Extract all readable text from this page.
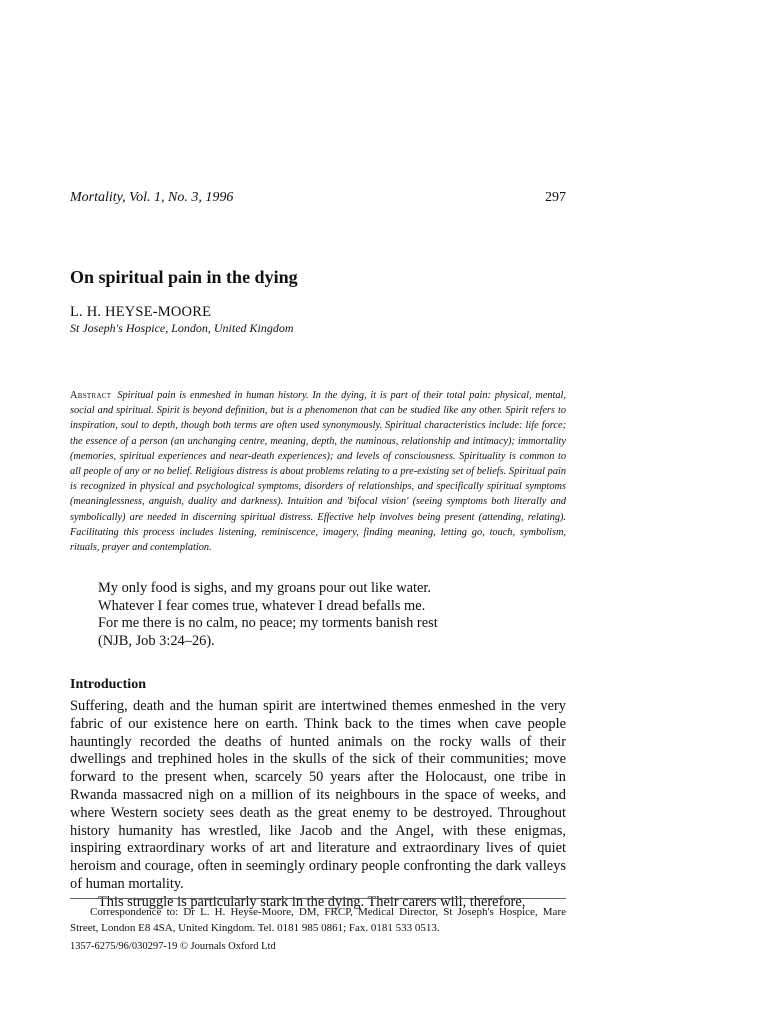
Mortality, Vol. 1, No. 3, 1996	297
On spiritual pain in the dying
L. H. HEYSE-MOORE
St Joseph's Hospice, London, United Kingdom

Abstract Spiritual pain is enmeshed in human history. In the dying, it is part of their total pain: physical, mental, social and spiritual. Spirit is beyond definition, but is a phenomenon that can be studied like any other. Spirit refers to inspiration, soul to depth, though both terms are often used synonymously. Spiritual characteristics include: life force; the essence of a person (an unchanging centre, meaning, depth, the numinous, relationship and intimacy); immortality (memories, spiritual experiences and near-death experiences); and levels of consciousness. Spirituality is common to all people of any or no belief. Religious distress is about problems relating to a pre-existing set of beliefs. Spiritual pain is recognized in physical and psychological symptoms, disorders of relationships, and specifically spiritual symptoms (meaninglessness, anguish, duality and darkness). Intuition and 'bifocal vision' (seeing symptoms both literally and symbolically) are needed in discerning spiritual distress. Effective help involves being present (attending, relating). Facilitating this process includes listening, reminiscence, imagery, finding meaning, letting go, touch, symbolism, rituals, prayer and contemplation.

My only food is sighs, and my groans pour out like water.
Whatever I fear comes true, whatever I dread befalls me.
For me there is no calm, no peace; my torments banish rest
(NJB, Job 3:24–26).
Introduction

Suffering, death and the human spirit are intertwined themes enmeshed in the very fabric of our existence here on earth. Think back to the times when cave people hauntingly recorded the deaths of hunted animals on the rocky walls of their dwellings and trephined holes in the skulls of the sick of their communities; move forward to the present when, scarcely 50 years after the Holocaust, one tribe in Rwanda massacred nigh on a million of its neighbours in the space of weeks, and where Western society sees death as the great enemy to be destroyed. Throughout history humanity has wrestled, like Jacob and the Angel, with these enigmas, inspiring extraordinary works of art and literature and extraordinary lives of quiet heroism and courage, often in seemingly ordinary people confronting the dark valleys of human mortality.

This struggle is particularly stark in the dying. Their carers will, therefore,

Correspondence to: Dr L. H. Heyse-Moore, DM, FRCP, Medical Director, St Joseph's Hospice, Mare Street, London E8 4SA, United Kingdom. Tel. 0181 985 0861; Fax. 0181 533 0513.

1357-6275/96/030297-19 © Journals Oxford Ltd
